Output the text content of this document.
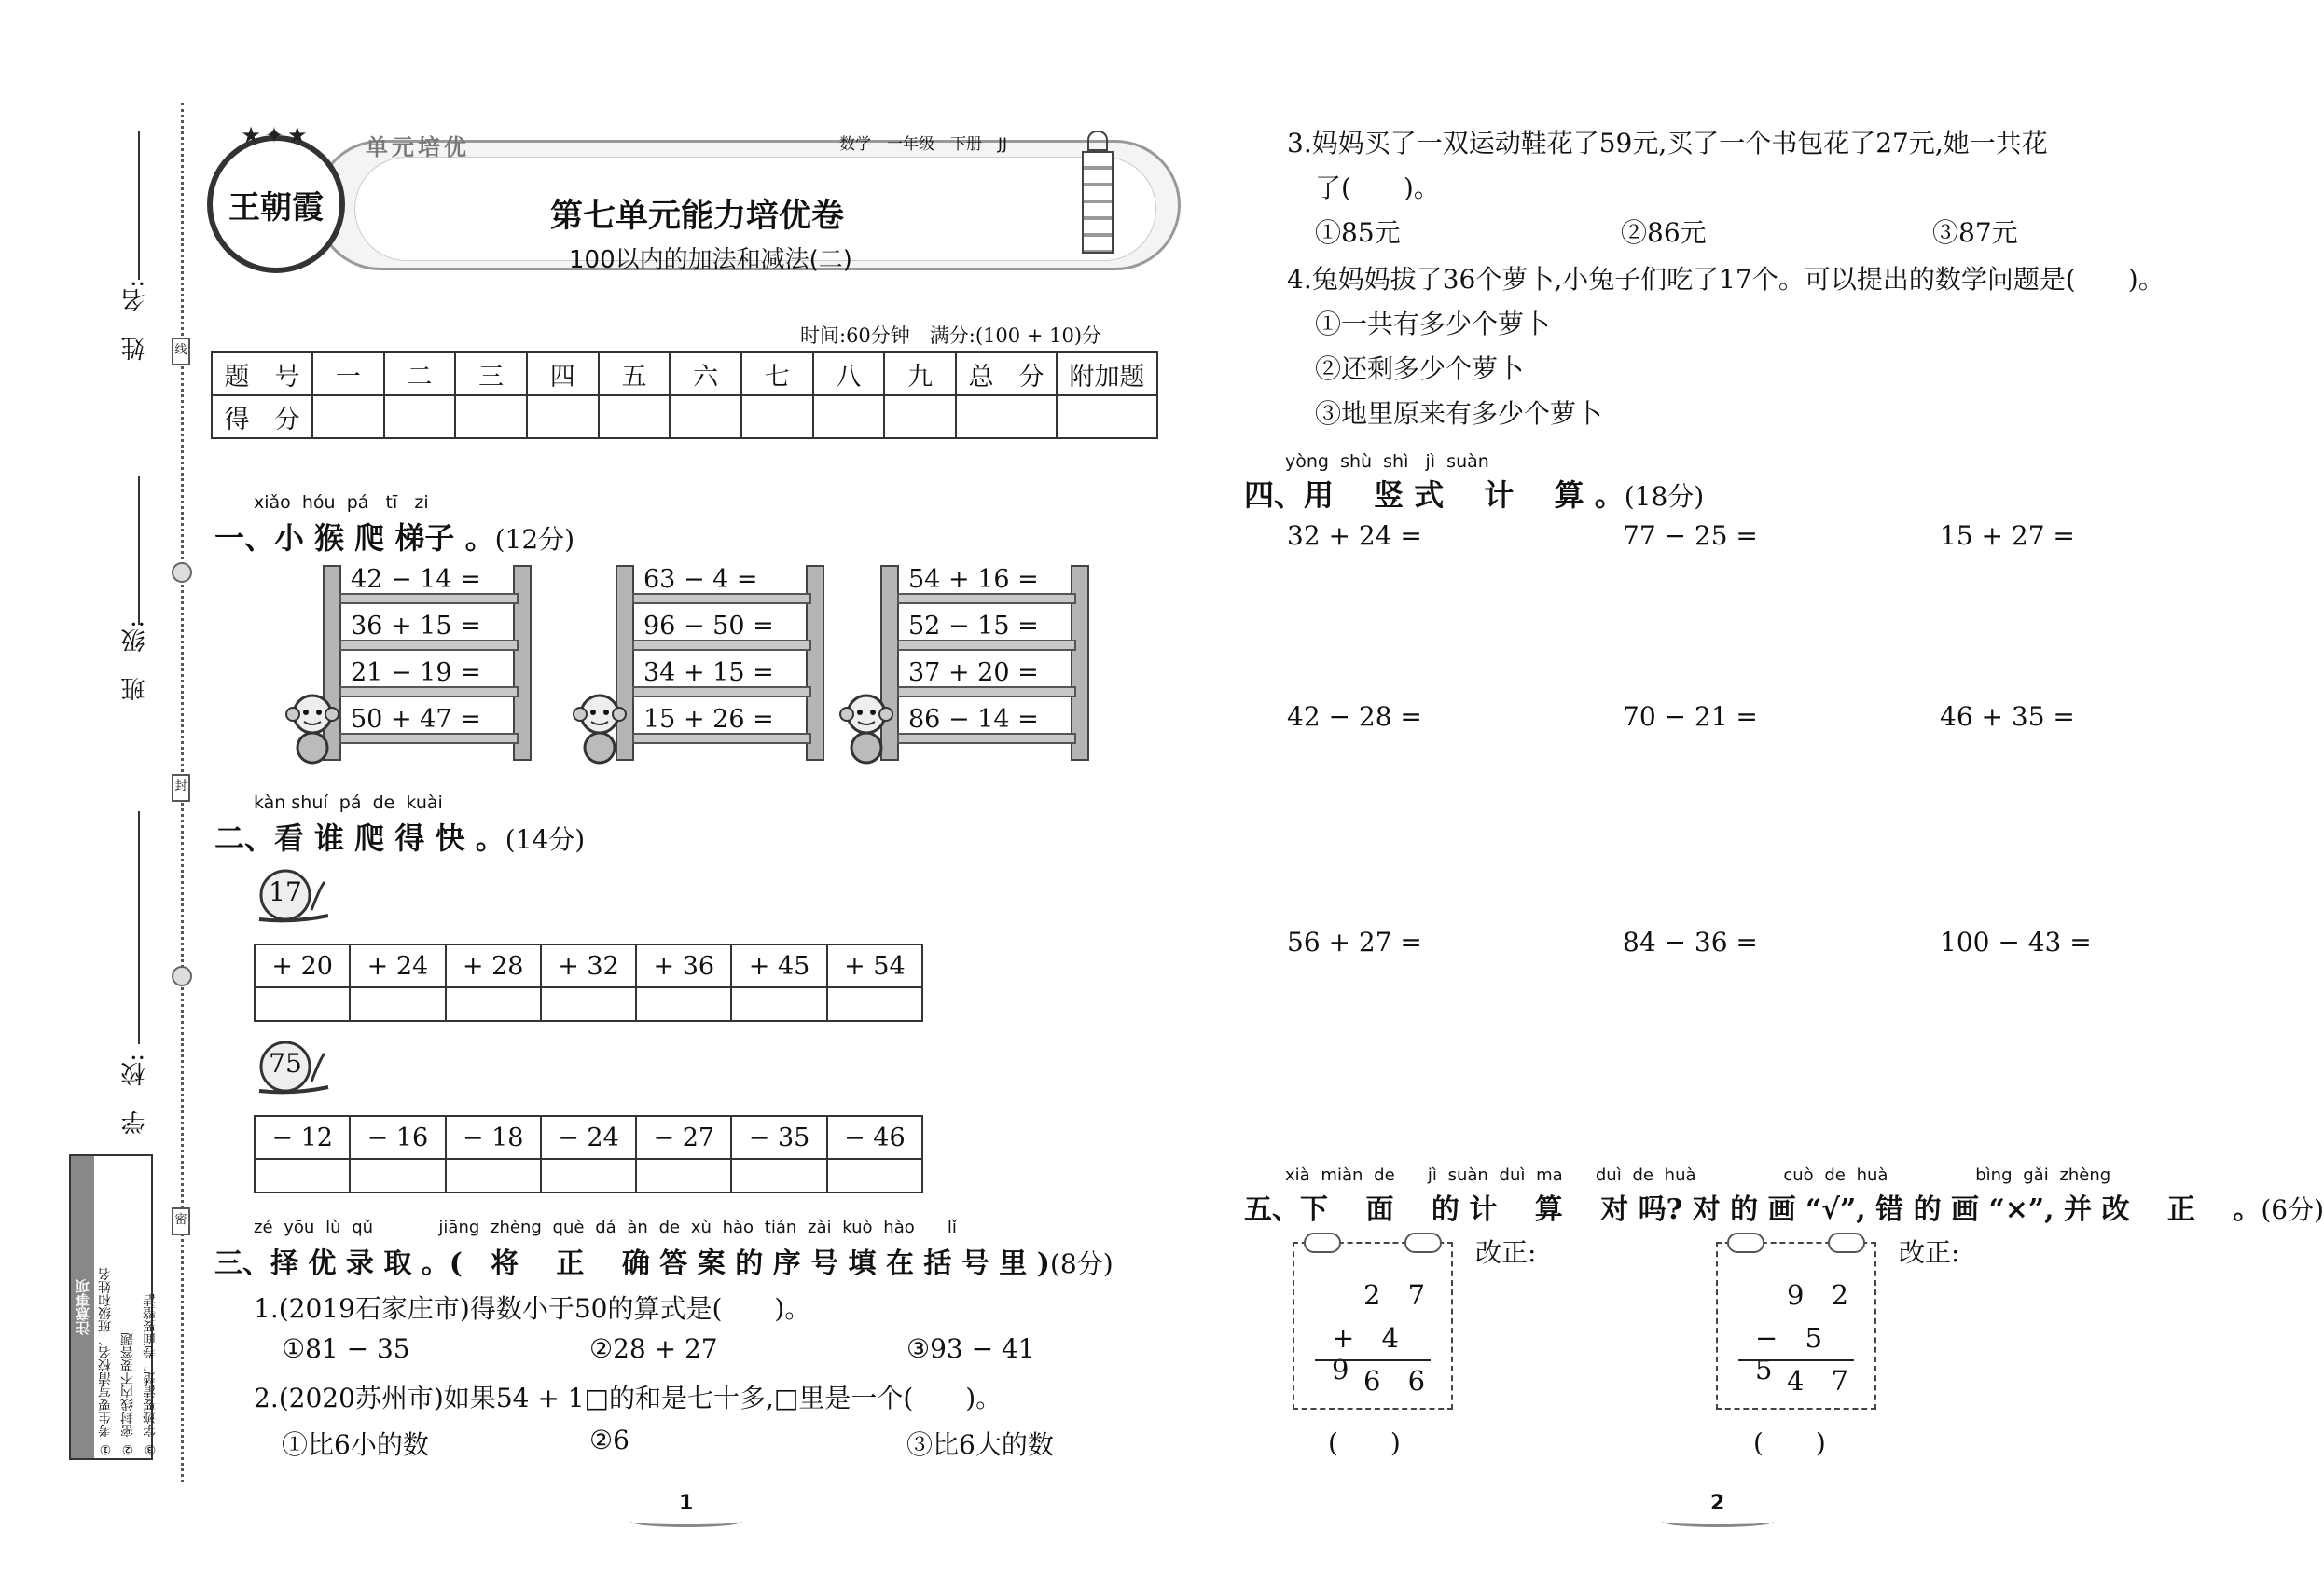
线
封
密
姓　名:
班　级:
学　校:
注意事项 ① 考生要写清校名、班级和姓名 ② 密封线内不要答题 ③ 字迹要清楚，卷面要整洁
★✦★
王朝霞
单元培优	数学　一年级　下册　JJ
第七单元能力培优卷
100以内的加法和减法(二)
时间:60分钟　满分:(100 + 10)分
题　号	一	二	三	四	五	六	七	八	九	总　分	附加题
得　分											
xiǎo hóu pá tī zi
一、小 猴 爬 梯子 。(12分)
42 − 14 =
36 + 15 =
21 − 19 =
50 + 47 =
63 − 4 =
96 − 50 =
34 + 15 =
15 + 26 =
54 + 16 =
52 − 15 =
37 + 20 =
86 − 14 =
kàn shuí pá de kuài
二、看 谁 爬 得 快 。(14分)
17
+ 20	+ 24	+ 28	+ 32	+ 36	+ 45	+ 54

75
− 12	− 16	− 18	− 24	− 27	− 35	− 46

zé yōu lù qǔ	jiāng zhèng què dá àn de xù hào tián zài kuò hào lǐ
三、择 优 录 取 。(　将 　正 　确 答 案 的 序 号 填 在 括 号 里 )(8分)
1.(2019石家庄市)得数小于50的算式是(　　)。
①81 − 35	②28 + 27	③93 − 41
2.(2020苏州市)如果54 + 1□的和是七十多,□里是一个(　　)。
①比6小的数	②6	③比6大的数
1
3.妈妈买了一双运动鞋花了59元,买了一个书包花了27元,她一共花
了(　　)。
①85元	②86元	③87元
4.兔妈妈拔了36个萝卜,小兔子们吃了17个。可以提出的数学问题是(　　)。
①一共有多少个萝卜
②还剩多少个萝卜
③地里原来有多少个萝卜
yòng shù shì jì suàn
四、用 　竖 式 　计 　算 。(18分)
32 + 24 =	77 − 25 =	15 + 27 =
42 − 28 =	70 − 21 =	46 + 35 =
56 + 27 =	84 − 36 =	100 − 43 =
xià miàn de jì suàn duì ma duì de huà	cuò de huà	bìng gǎi zhèng
五、下 　面 　的 计 　算 　对 吗? 对 的 画 “√”, 错 的 画 “×”, 并 改 　正 　。(6分)
2 7
+ 4 9 6 6
改正:
(　　)
9 2
− 5 5 4 7
改正:
(　　)
2
